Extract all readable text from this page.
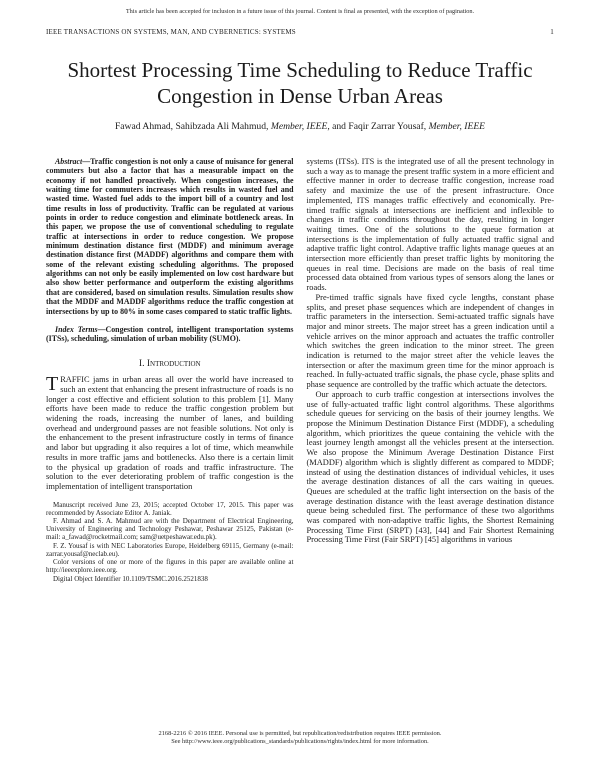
This article has been accepted for inclusion in a future issue of this journal. Content is final as presented, with the exception of pagination.
IEEE TRANSACTIONS ON SYSTEMS, MAN, AND CYBERNETICS: SYSTEMS	1
Shortest Processing Time Scheduling to Reduce Traffic Congestion in Dense Urban Areas
Fawad Ahmad, Sahibzada Ali Mahmud, Member, IEEE, and Faqir Zarrar Yousaf, Member, IEEE

Abstract—Traffic congestion is not only a cause of nuisance for general commuters but also a factor that has a measurable impact on the economy if not handled proactively. When congestion increases, the waiting time for commuters increases which results in wasted fuel and wasted time. Wasted fuel adds to the import bill of a country and lost time results in loss of productivity. Traffic can be regulated at various points in order to reduce congestion and eliminate bottleneck areas. In this paper, we propose the use of conventional scheduling to regulate traffic at intersections in order to reduce congestion. We propose minimum destination distance first (MDDF) and minimum average destination distance first (MADDF) algorithms and compare them with some of the relevant existing scheduling algorithms. The proposed algorithms can not only be easily implemented on low cost hardware but also show better performance and outperform the existing algorithms that are considered, based on simulation results. Simulation results show that the MDDF and MADDF algorithms reduce the traffic congestion at intersections by up to 80% in some cases compared to static traffic lights.

Index Terms—Congestion control, intelligent transportation systems (ITSs), scheduling, simulation of urban mobility (SUMO).

I. Introduction

TRAFFIC jams in urban areas all over the world have increased to such an extent that enhancing the present infrastructure of roads is no longer a cost effective and efficient solution to this problem [1]. Many efforts have been made to reduce the traffic congestion problem but widening the roads, increasing the number of lanes, and building overhead and underground passes are not feasible solutions. Not only is the enhancement to the present infrastructure costly in terms of finance and labor but upgrading it also requires a lot of time, which meanwhile results in more traffic jams and bottlenecks. Also there is a certain limit to the physical up gradation of roads and traffic infrastructure. The solution to the ever deteriorating problem of traffic congestion is the implementation of intelligent transportation

Manuscript received June 23, 2015; accepted October 17, 2015. This paper was recommended by Associate Editor A. Janiak.

F. Ahmad and S. A. Mahmud are with the Department of Electrical Engineering, University of Engineering and Technology Peshawar, Peshawar 25125, Pakistan (e-mail: a_fawad@rocketmail.com; sam@uetpeshawar.edu.pk).

F. Z. Yousaf is with NEC Laboratories Europe, Heidelberg 69115, Germany (e-mail: zarrar.yousaf@neclab.eu).

Color versions of one or more of the figures in this paper are available online at http://ieeexplore.ieee.org.

Digital Object Identifier 10.1109/TSMC.2016.2521838

systems (ITSs). ITS is the integrated use of all the present technology in such a way as to manage the present traffic system in a more efficient and effective manner in order to decrease traffic congestion, increase road safety and maximize the use of the present infrastructure. Once implemented, ITS manages traffic effectively and economically. Pre-timed traffic signals at intersections are inefficient and inflexible to changes in traffic conditions throughout the day, resulting in longer waiting times. One of the solutions to the queue formation at intersections is the implementation of fully actuated traffic signal and adaptive traffic light control. Adaptive traffic lights manage queues at an intersection more efficiently than preset traffic lights by monitoring the queues in real time. Decisions are made on the basis of real time processed data obtained from various types of sensors along the lanes or roads.

Pre-timed traffic signals have fixed cycle lengths, constant phase splits, and preset phase sequences which are independent of changes in traffic parameters in the intersection. Semi-actuated traffic signals have major and minor streets. The major street has a green indication until a vehicle arrives on the minor approach and actuates the traffic controller which switches the green indication to the minor street. The green indication is returned to the major street after the vehicle leaves the intersection or after the maximum green time for the minor approach is reached. In fully-actuated traffic signals, the phase cycle, phase splits and phase sequence are controlled by the traffic which actuate the detectors.

Our approach to curb traffic congestion at intersections involves the use of fully-actuated traffic light control algorithms. These algorithms schedule queues for servicing on the basis of their journey lengths. We propose the Minimum Destination Distance First (MDDF), a scheduling algorithm, which prioritizes the queue containing the vehicle with the least journey length amongst all the vehicles present at the intersection. We also propose the Minimum Average Destination Distance First (MADDF) algorithm which is slightly different as compared to MDDF; instead of using the destination distances of individual vehicles, it uses the average destination distances of all the cars waiting in queues. Queues are scheduled at the traffic light intersection on the basis of the average destination distance with the least average destination distance queue being scheduled first. The performance of these two algorithms was compared with non-adaptive traffic lights, the Shortest Remaining Processing Time First (SRPT) [43], [44] and Fair Shortest Remaining Processing Time First (Fair SRPT) [45] algorithms in various

2168-2216 © 2016 IEEE. Personal use is permitted, but republication/redistribution requires IEEE permission.
See http://www.ieee.org/publications_standards/publications/rights/index.html for more information.
